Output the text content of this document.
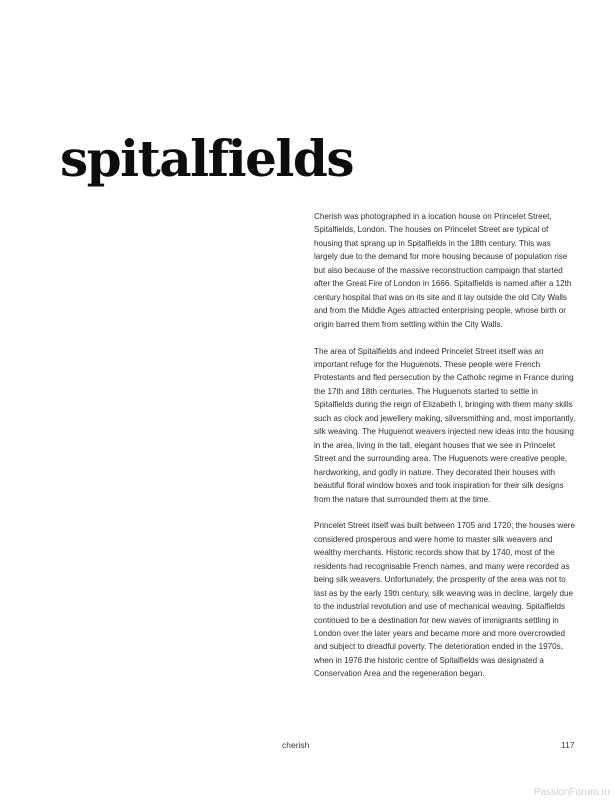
spitalfields

Cherish was photographed in a location house on Princelet Street, Spitalfields, London. The houses on Princelet Street are typical of housing that sprang up in Spitalfields in the 18th century. This was largely due to the demand for more housing because of population rise but also because of the massive reconstruction campaign that started after the Great Fire of London in 1666. Spitalfields is named after a 12th century hospital that was on its site and it lay outside the old City Walls and from the Middle Ages attracted enterprising people, whose birth or origin barred them from settling within the City Walls.

The area of Spitalfields and indeed Princelet Street itself was an important refuge for the Huguenots. These people were French Protestants and fled persecution by the Catholic regime in France during the 17th and 18th centuries. The Huguenots started to settle in Spitalfields during the reign of Elizabeth I, bringing with them many skills such as clock and jewellery making, silversmithing and, most importantly, silk weaving. The Huguenot weavers injected new ideas into the housing in the area, living in the tall, elegant houses that we see in Princelet Street and the surrounding area. The Huguenots were creative people, hardworking, and godly in nature. They decorated their houses with beautiful floral window boxes and took inspiration for their silk designs from the nature that surrounded them at the time.

Princelet Street itself was built between 1705 and 1720; the houses were considered prosperous and were home to master silk weavers and wealthy merchants. Historic records show that by 1740, most of the residents had recognisable French names, and many were recorded as being silk weavers. Unfortunately, the prosperity of the area was not to last as by the early 19th century, silk weaving was in decline, largely due to the industrial revolution and use of mechanical weaving. Spitalfields continued to be a destination for new waves of immigrants settling in London over the later years and became more and more overcrowded and subject to dreadful poverty. The deterioration ended in the 1970s, when in 1976 the historic centre of Spitalfields was designated a Conservation Area and the regeneration began.

cherish	117
PassionForum.ru
